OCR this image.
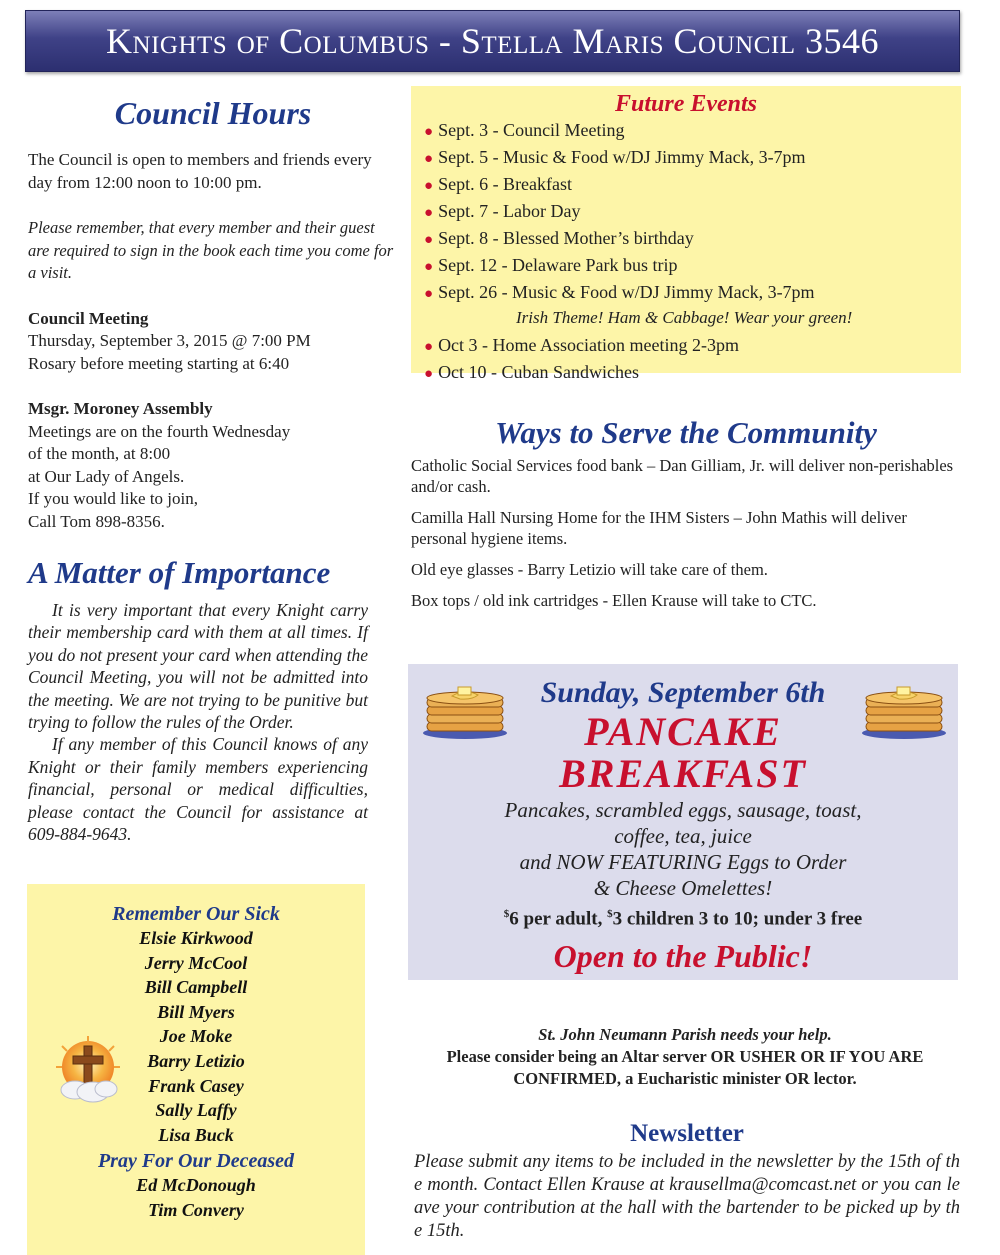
Knights of Columbus - Stella Maris Council 3546
Council Hours
The Council is open to members and friends every day from 12:00 noon to 10:00 pm.
Please remember, that every member and their guest are required to sign in the book each time you come for a visit.
Council Meeting
Thursday, September 3, 2015 @ 7:00 PM
Rosary before meeting starting at 6:40
Msgr. Moroney Assembly
Meetings are on the fourth Wednesday
of the month, at 8:00
at Our Lady of Angels.
If you would like to join,
Call Tom 898-8356.
A Matter of Importance
It is very important that every Knight carry their membership card with them at all times. If you do not present your card when attending the Council Meeting, you will not be admitted into the meeting. We are not trying to be punitive but trying to follow the rules of the Order.
If any member of this Council knows of any Knight or their family members experiencing financial, personal or medical difficulties, please contact the Council for assistance at 609-884-9643.
Remember Our Sick
Elsie Kirkwood
Jerry McCool
Bill Campbell
Bill Myers
Joe Moke
Barry Letizio
Frank Casey
Sally Laffy
Lisa Buck
Pray For Our Deceased
Ed McDonough
Tim Convery
Future Events
● Sept. 3 - Council Meeting
● Sept. 5 - Music & Food w/DJ Jimmy Mack, 3-7pm
● Sept. 6 - Breakfast
● Sept. 7 - Labor Day
● Sept. 8 - Blessed Mother’s birthday
● Sept. 12 - Delaware Park bus trip
● Sept. 26 - Music & Food w/DJ Jimmy Mack, 3-7pm
Irish Theme! Ham & Cabbage! Wear your green!
● Oct 3 - Home Association meeting 2-3pm
● Oct 10 - Cuban Sandwiches
Ways to Serve the Community
Catholic Social Services food bank – Dan Gilliam, Jr. will deliver non-perishables and/or cash.
Camilla Hall Nursing Home for the IHM Sisters – John Mathis will deliver personal hygiene items.
Old eye glasses - Barry Letizio will take care of them.
Box tops / old ink cartridges - Ellen Krause will take to CTC.
Sunday, September 6th
PANCAKE
BREAKFAST
Pancakes, scrambled eggs, sausage, toast,
coffee, tea, juice
and NOW FEATURING Eggs to Order
& Cheese Omelettes!
$6 per adult, $3 children 3 to 10; under 3 free
Open to the Public!
St. John Neumann Parish needs your help.
Please consider being an Altar server OR USHER OR IF YOU ARE CONFIRMED, a Eucharistic minister OR lector.
Newsletter
Please submit any items to be included in the newsletter by the 15th of the month. Contact Ellen Krause at krausellma@comcast.net or you can leave your contribution at the hall with the bartender to be picked up by the 15th.
